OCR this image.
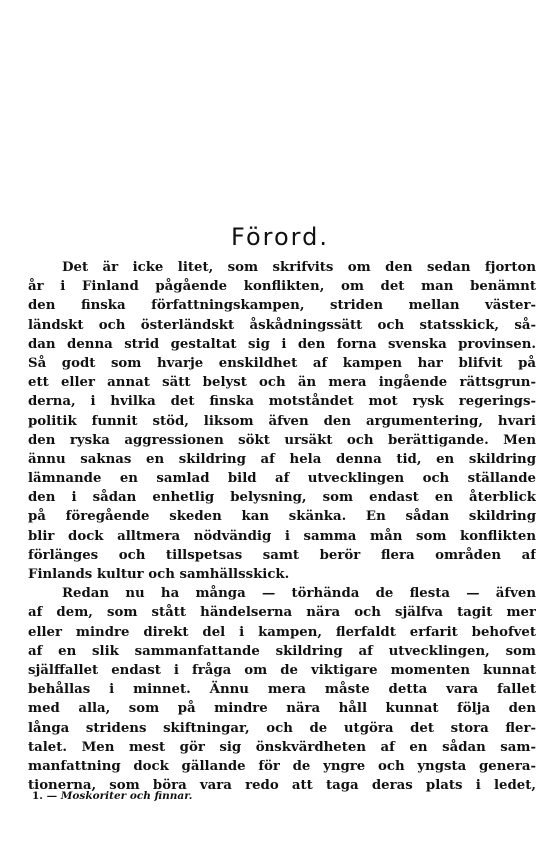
Förord.
Det är icke litet, som skrifvits om den sedan fjorton
år i Finland pågående konflikten, om det man benämnt
den finska författningskampen, striden mellan väster-
ländskt och österländskt åskådningssätt och statsskick, så-
dan denna strid gestaltat sig i den forna svenska provinsen.
Så godt som hvarje enskildhet af kampen har blifvit på
ett eller annat sätt belyst och än mera ingående rättsgrun-
derna, i hvilka det finska motståndet mot rysk regerings-
politik funnit stöd, liksom äfven den argumentering, hvari
den ryska aggressionen sökt ursäkt och berättigande. Men
ännu saknas en skildring af hela denna tid, en skildring
lämnande en samlad bild af utvecklingen och ställande
den i sådan enhetlig belysning, som endast en återblick
på föregående skeden kan skänka. En sådan skildring
blir dock alltmera nödvändig i samma mån som konflikten
förlänges och tillspetsas samt berör flera områden af
Finlands kultur och samhällsskick.
Redan nu ha många — törhända de flesta — äfven
af dem, som stått händelserna nära och själfva tagit mer
eller mindre direkt del i kampen, flerfaldt erfarit behofvet
af en slik sammanfattande skildring af utvecklingen, som
själffallet endast i fråga om de viktigare momenten kunnat
behållas i minnet. Ännu mera måste detta vara fallet
med alla, som på mindre nära håll kunnat följa den
långa stridens skiftningar, och de utgöra det stora fler-
talet. Men mest gör sig önskvärdheten af en sådan sam-
manfattning dock gällande för de yngre och yngsta genera-
tionerna, som böra vara redo att taga deras plats i ledet,
1. — Moskoriter och finnar.
